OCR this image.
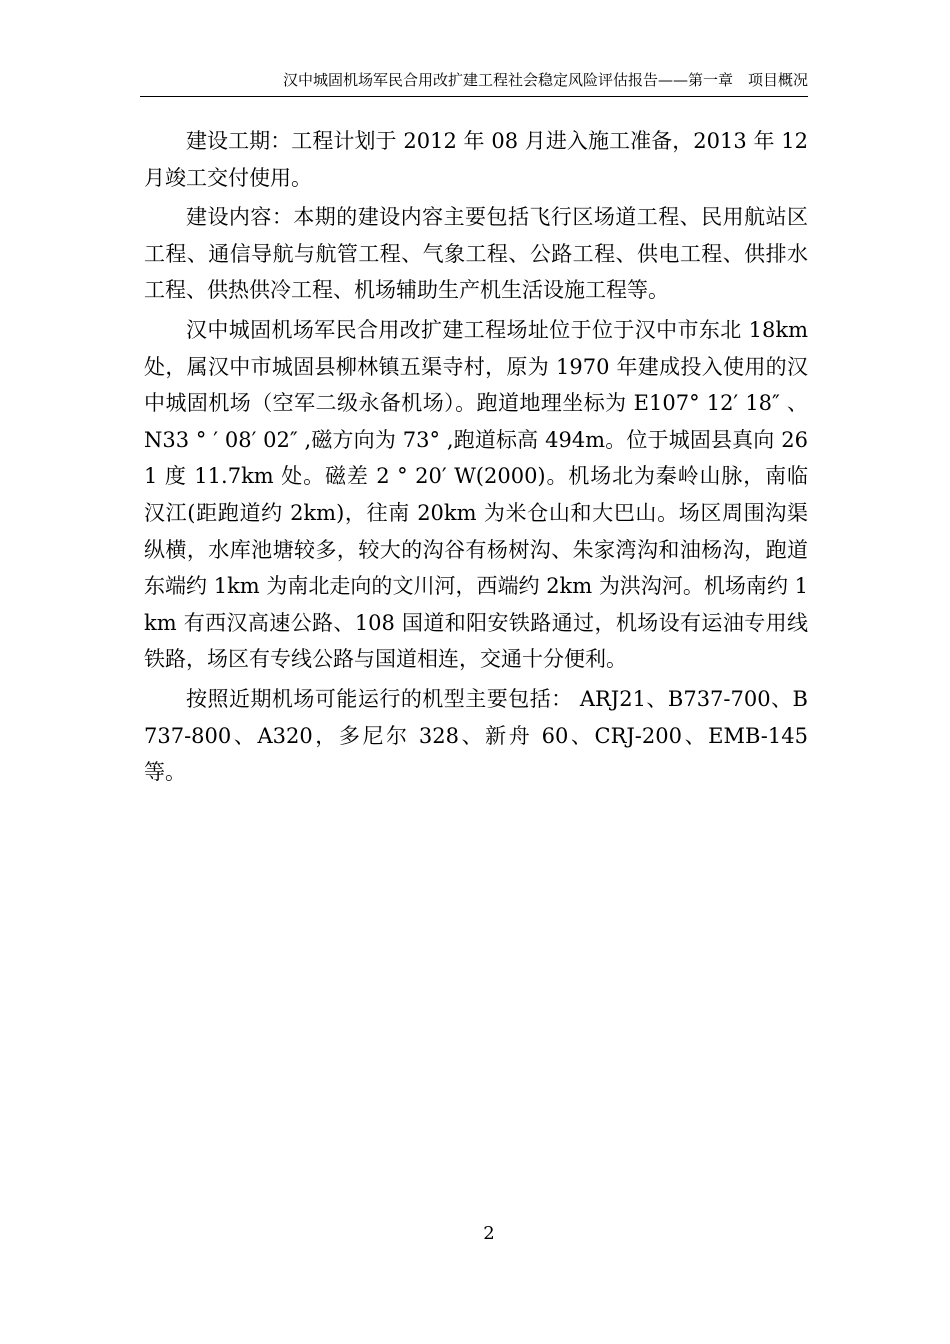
汉中城固机场军民合用改扩建工程社会稳定风险评估报告——第一章　项目概况

建设工期：工程计划于 2012 年 08 月进入施工准备，2013 年 12 月竣工交付使用。

建设内容：本期的建设内容主要包括飞行区场道工程、民用航站区工程、通信导航与航管工程、气象工程、公路工程、供电工程、供排水工程、供热供冷工程、机场辅助生产机生活设施工程等。

汉中城固机场军民合用改扩建工程场址位于位于汉中市东北 18km 处，属汉中市城固县柳林镇五渠寺村，原为 1970 年建成投入使用的汉中城固机场（空军二级永备机场）。跑道地理坐标为 E107° 12′ 18″ 、N33 ° ′ 08′ 02″ ,磁方向为 73° ,跑道标高 494m。位于城固县真向 261 度 11.7km 处。磁差 2 ° 20′ W(2000)。机场北为秦岭山脉，南临汉江(距跑道约 2km)，往南 20km 为米仓山和大巴山。场区周围沟渠纵横，水库池塘较多，较大的沟谷有杨树沟、朱家湾沟和油杨沟，跑道东端约 1km 为南北走向的文川河，西端约 2km 为洪沟河。机场南约 1km 有西汉高速公路、108 国道和阳安铁路通过，机场设有运油专用线铁路，场区有专线公路与国道相连，交通十分便利。

按照近期机场可能运行的机型主要包括： ARJ21、B737-700、B737-800、A320，多尼尔 328、新舟 60、CRJ-200、EMB-145 等。

2
